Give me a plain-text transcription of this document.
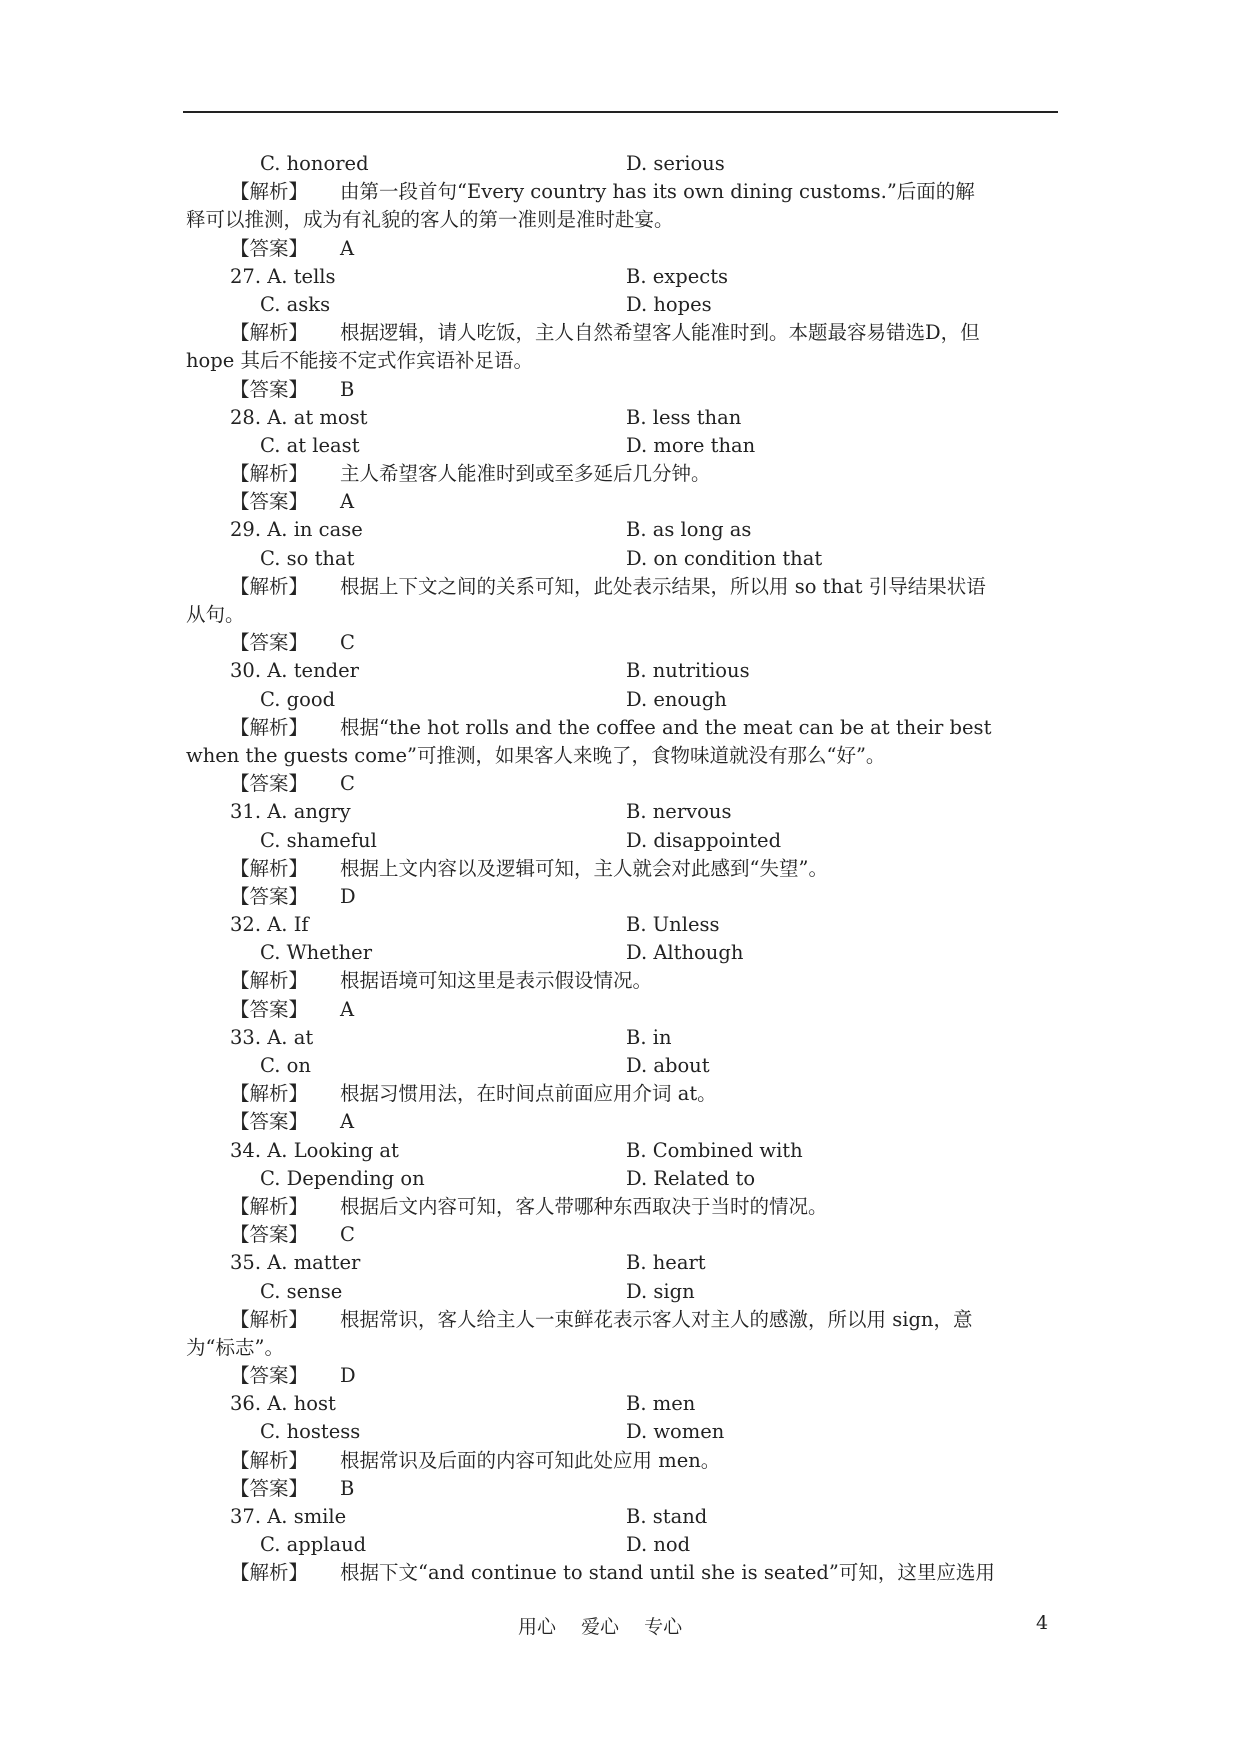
C. honored	D. serious
【解析】 由第一段首句“Every country has its own dining customs.”后面的解
释可以推测，成为有礼貌的客人的第一准则是准时赴宴。
【答案】 A
27. A. tells	B. expects
C. asks	D. hopes
【解析】 根据逻辑，请人吃饭，主人自然希望客人能准时到。本题最容易错选D，但
hope 其后不能接不定式作宾语补足语。
【答案】 B
28. A. at most	B. less than
C. at least	D. more than
【解析】 主人希望客人能准时到或至多延后几分钟。
【答案】 A
29. A. in case	B. as long as
C. so that	D. on condition that
【解析】 根据上下文之间的关系可知，此处表示结果，所以用 so that 引导结果状语
从句。
【答案】 C
30. A. tender	B. nutritious
C. good	D. enough
【解析】 根据“the hot rolls and the coffee and the meat can be at their best
when the guests come”可推测，如果客人来晚了，食物味道就没有那么“好”。
【答案】 C
31. A. angry	B. nervous
C. shameful	D. disappointed
【解析】 根据上文内容以及逻辑可知，主人就会对此感到“失望”。
【答案】 D
32. A. If	B. Unless
C. Whether	D. Although
【解析】 根据语境可知这里是表示假设情况。
【答案】 A
33. A. at	B. in
C. on	D. about
【解析】 根据习惯用法，在时间点前面应用介词 at。
【答案】 A
34. A. Looking at	B. Combined with
C. Depending on	D. Related to
【解析】 根据后文内容可知，客人带哪种东西取决于当时的情况。
【答案】 C
35. A. matter	B. heart
C. sense	D. sign
【解析】 根据常识，客人给主人一束鲜花表示客人对主人的感激，所以用 sign，意
为“标志”。
【答案】 D
36. A. host	B. men
C. hostess	D. women
【解析】 根据常识及后面的内容可知此处应用 men。
【答案】 B
37. A. smile	B. stand
C. applaud	D. nod
【解析】 根据下文“and continue to stand until she is seated”可知，这里应选用
用心　 爱心　 专心	4
